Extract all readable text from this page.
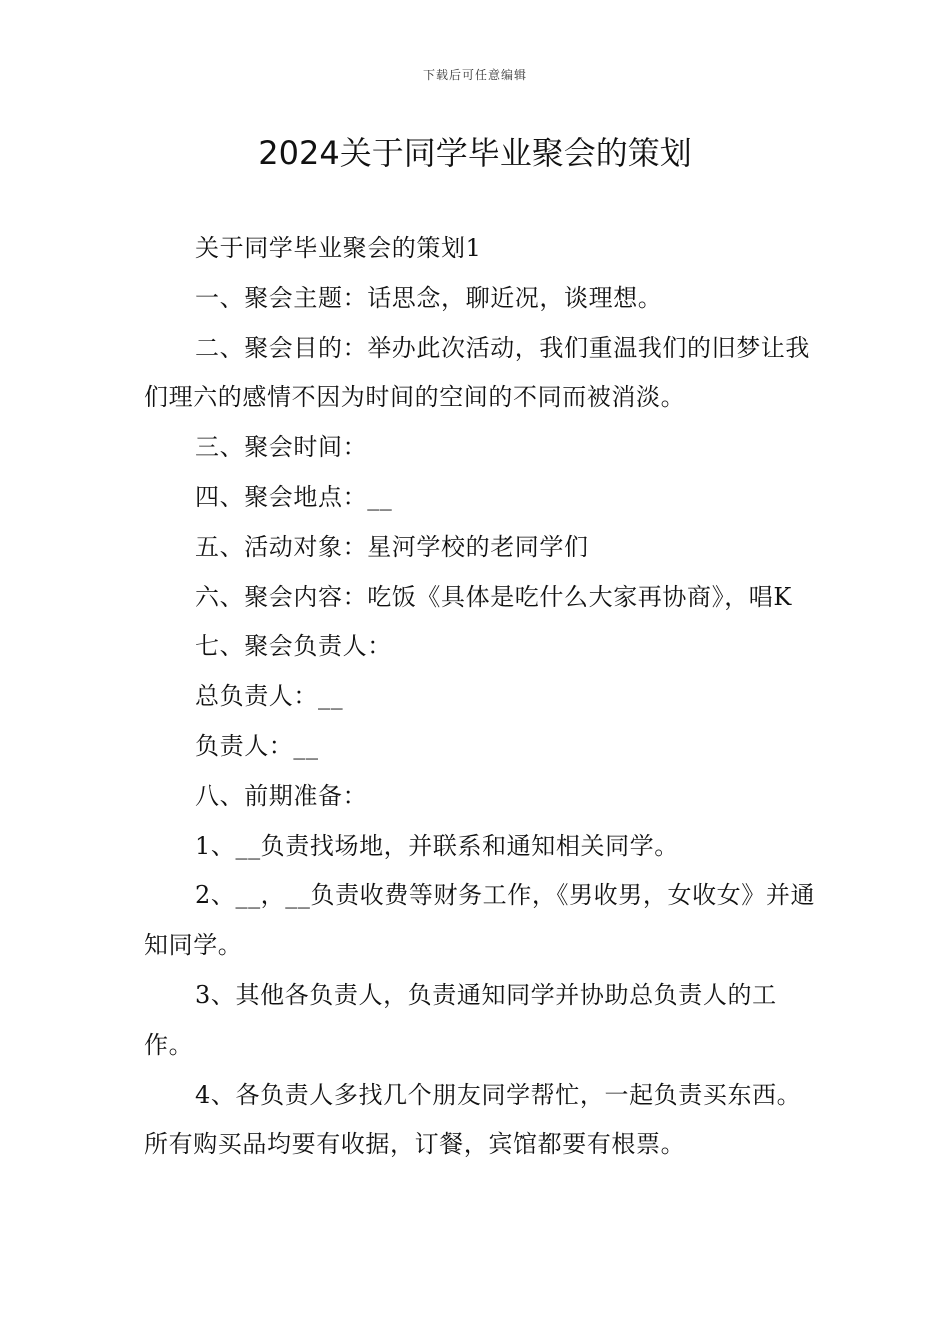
下载后可任意编辑
2024关于同学毕业聚会的策划

关于同学毕业聚会的策划1

一、聚会主题：话思念，聊近况，谈理想。

二、聚会目的：举办此次活动，我们重温我们的旧梦让我们理六的感情不因为时间的空间的不同而被消淡。

三、聚会时间：

四、聚会地点：__

五、活动对象：星河学校的老同学们

六、聚会内容：吃饭《具体是吃什么大家再协商》，唱K

七、聚会负责人：

总负责人：__

负责人：__

八、前期准备：

1、__负责找场地，并联系和通知相关同学。

2、__，__负责收费等财务工作，《男收男，女收女》并通知同学。

3、其他各负责人，负责通知同学并协助总负责人的工作。

4、各负责人多找几个朋友同学帮忙，一起负责买东西。所有购买品均要有收据，订餐，宾馆都要有根票。
